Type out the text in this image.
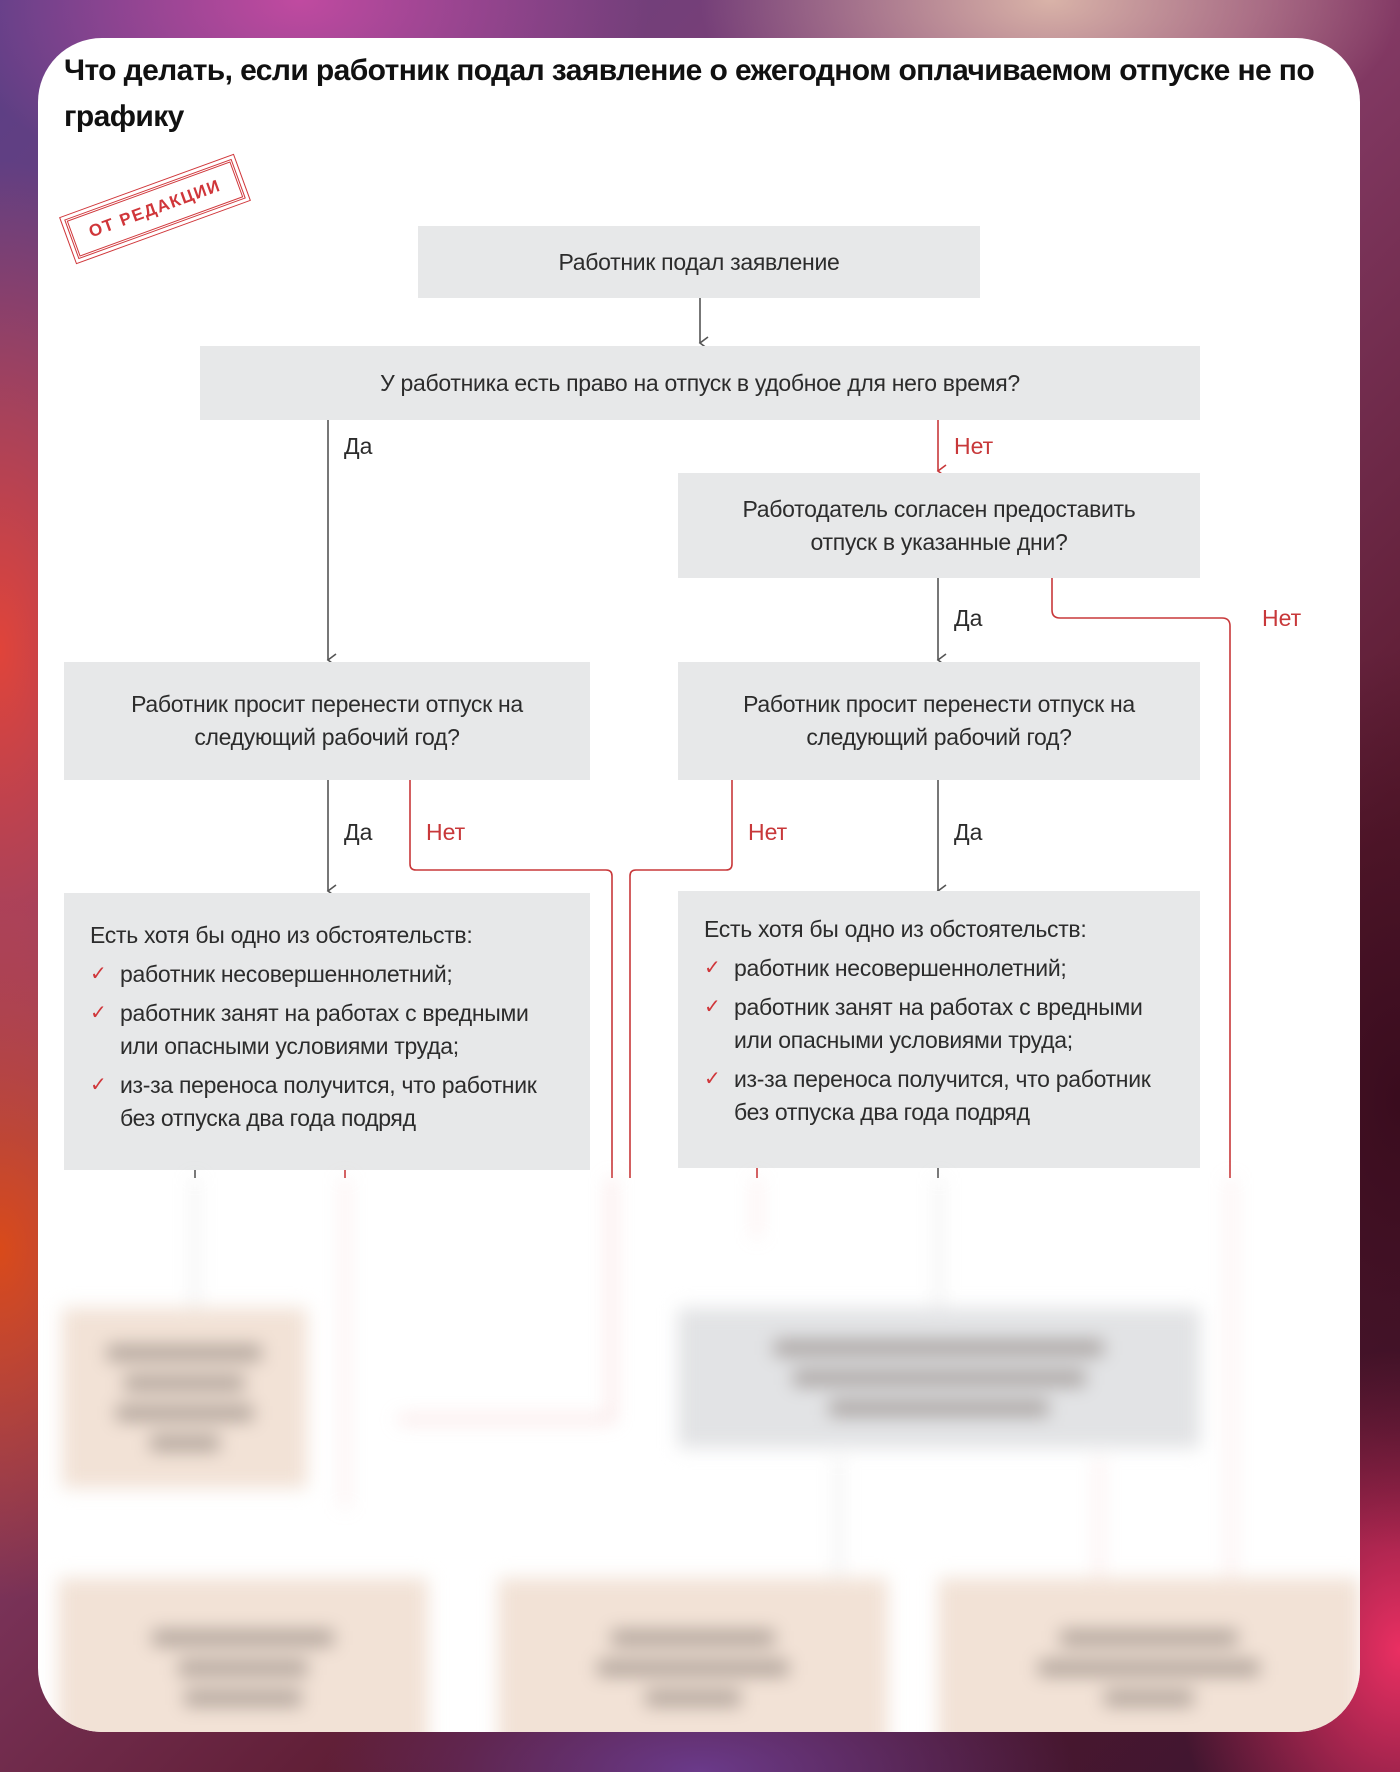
Что делать, если работник подал заявление о ежегодном оплачиваемом отпуске не по графику
ОТ РЕДАКЦИИ
Работник подал заявление
У работника есть право на отпуск в удобное для него время?
Да	Нет
Работодатель согласен предоставить отпуск в указанные дни?
Да	Нет
Работник просит перенести отпуск на следующий рабочий год?
Работник просит перенести отпуск на следующий рабочий год?
Да Нет	Нет	Да
Есть хотя бы одно из обстоятельств:
✓ работник несовершеннолетний;
✓ работник занят на работах с вредными или опасными условиями труда;
✓ из-за переноса получится, что работник без отпуска два года подряд
Есть хотя бы одно из обстоятельств:
✓ работник несовершеннолетний;
✓ работник занят на работах с вредными или опасными условиями труда;
✓ из-за переноса получится, что работник без отпуска два года подряд
